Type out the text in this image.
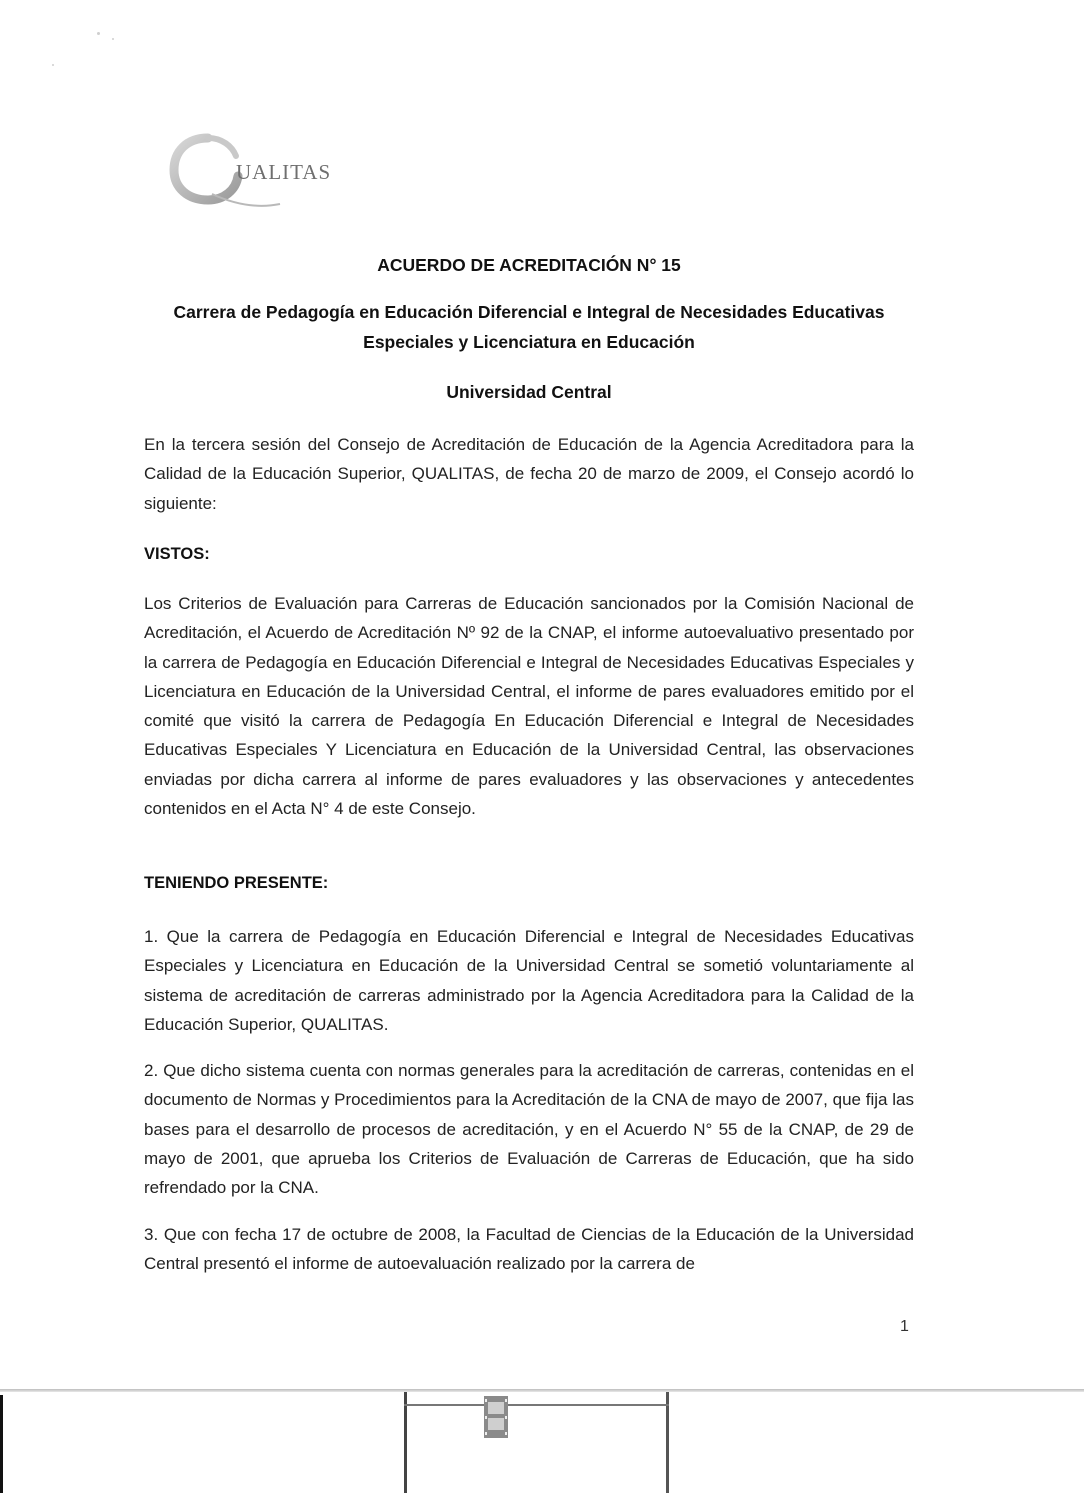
UALITAS
ACUERDO DE ACREDITACIÓN N° 15
Carrera de Pedagogía en Educación Diferencial e Integral de Necesidades Educativas
Especiales y Licenciatura en Educación
Universidad Central
En la tercera sesión del Consejo de Acreditación de Educación de la Agencia Acreditadora para la Calidad de la Educación Superior, QUALITAS, de fecha 20 de marzo de 2009, el Consejo acordó lo siguiente:
VISTOS:
Los Criterios de Evaluación para Carreras de Educación sancionados por la Comisión Nacional de Acreditación, el Acuerdo de Acreditación Nº 92 de la CNAP, el informe autoevaluativo presentado por la carrera de Pedagogía en Educación Diferencial e Integral de Necesidades Educativas Especiales y Licenciatura en Educación de la Universidad Central, el informe de pares evaluadores emitido por el comité que visitó la carrera de Pedagogía En Educación Diferencial e Integral de Necesidades Educativas Especiales Y Licenciatura en Educación de la Universidad Central, las observaciones enviadas por dicha carrera al informe de pares evaluadores y las observaciones y antecedentes contenidos en el Acta N° 4 de este Consejo.
TENIENDO PRESENTE:
1. Que la carrera de Pedagogía en Educación Diferencial e Integral de Necesidades Educativas Especiales y Licenciatura en Educación de la Universidad Central se sometió voluntariamente al sistema de acreditación de carreras administrado por la Agencia Acreditadora para la Calidad de la Educación Superior, QUALITAS.
2. Que dicho sistema cuenta con normas generales para la acreditación de carreras, contenidas en el documento de Normas y Procedimientos para la Acreditación de la CNA de mayo de 2007, que fija las bases para el desarrollo de procesos de acreditación, y en el Acuerdo N° 55 de la CNAP, de 29 de mayo de 2001, que aprueba los Criterios de Evaluación de Carreras de Educación, que ha sido refrendado por la CNA.
3. Que con fecha 17 de octubre de 2008, la Facultad de Ciencias de la Educación de la Universidad Central presentó el informe de autoevaluación realizado por la carrera de
1
